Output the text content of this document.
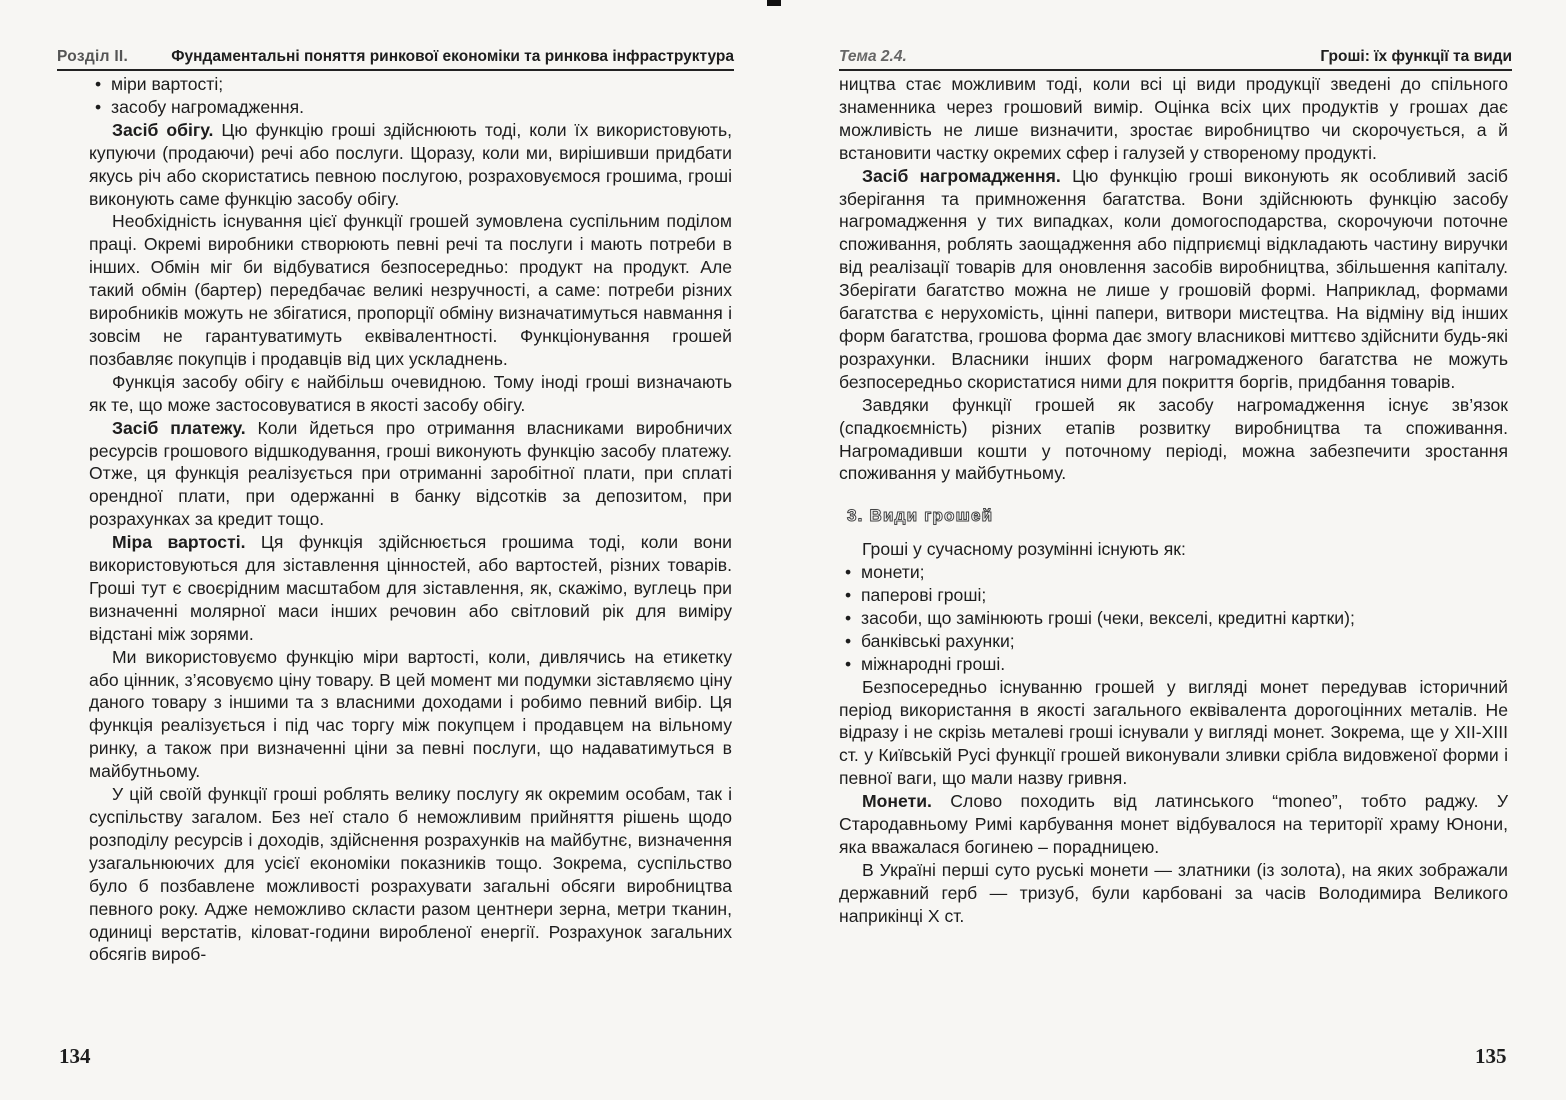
Розділ II.	Фундаментальні поняття ринкової економіки та ринкова інфраструктура
• міри вартості;
• засобу нагромадження.
Засіб обігу. Цю функцію гроші здійснюють тоді, коли їх використовують, купуючи (продаючи) речі або послуги. Щоразу, коли ми, вирішивши придбати якусь річ або скористатись певною послугою, розраховуємося грошима, гроші виконують саме функцію засобу обігу.
Необхідність існування цієї функції грошей зумовлена суспільним поділом праці. Окремі виробники створюють певні речі та послуги і мають потреби в інших. Обмін міг би відбуватися безпосередньо: продукт на продукт. Але такий обмін (бартер) передбачає великі незручності, а саме: потреби різних виробників можуть не збігатися, пропорції обміну визначатимуться навмання і зовсім не гарантуватимуть еквівалентності. Функціонування грошей позбавляє покупців і продавців від цих ускладнень.
Функція засобу обігу є найбільш очевидною. Тому іноді гроші визначають як те, що може застосовуватися в якості засобу обігу.
Засіб платежу. Коли йдеться про отримання власниками виробничих ресурсів грошового відшкодування, гроші виконують функцію засобу платежу. Отже, ця функція реалізується при отриманні заробітної плати, при сплаті орендної плати, при одержанні в банку відсотків за депозитом, при розрахунках за кредит тощо.
Міра вартості. Ця функція здійснюється грошима тоді, коли вони використовуються для зіставлення цінностей, або вартостей, різних товарів. Гроші тут є своєрідним масштабом для зіставлення, як, скажімо, вуглець при визначенні молярної маси інших речовин або світловий рік для виміру відстані між зорями.
Ми використовуємо функцію міри вартості, коли, дивлячись на етикетку або цінник, з’ясовуємо ціну товару. В цей момент ми подумки зіставляємо ціну даного товару з іншими та з власними доходами і робимо певний вибір. Ця функція реалізується і під час торгу між покупцем і продавцем на вільному ринку, а також при визначенні ціни за певні послуги, що надаватимуться в майбутньому.
У цій своїй функції гроші роблять велику послугу як окремим особам, так і суспільству загалом. Без неї стало б неможливим прийняття рішень щодо розподілу ресурсів і доходів, здійснення розрахунків на майбутнє, визначення узагальнюючих для усієї економіки показників тощо. Зокрема, суспільство було б позбавлене можливості розрахувати загальні обсяги виробництва певного року. Адже неможливо скласти разом центнери зерна, метри тканин, одиниці верстатів, кіловат-години виробленої енергії. Розрахунок загальних обсягів вироб-
134
Тема 2.4.	Гроші: їх функції та види
ництва стає можливим тоді, коли всі ці види продукції зведені до спільного знаменника через грошовий вимір. Оцінка всіх цих продуктів у грошах дає можливість не лише визначити, зростає виробництво чи скорочується, а й встановити частку окремих сфер і галузей у створеному продукті.
Засіб нагромадження. Цю функцію гроші виконують як особливий засіб зберігання та примноження багатства. Вони здійснюють функцію засобу нагромадження у тих випадках, коли домогосподарства, скорочуючи поточне споживання, роблять заощадження або підприємці відкладають частину виручки від реалізації товарів для оновлення засобів виробництва, збільшення капіталу. Зберігати багатство можна не лише у грошовій формі. Наприклад, формами багатства є нерухомість, цінні папери, витвори мистецтва. На відміну від інших форм багатства, грошова форма дає змогу власникові миттєво здійснити будь-які розрахунки. Власники інших форм нагромадженого багатства не можуть безпосередньо скористатися ними для покриття боргів, придбання товарів.
Завдяки функції грошей як засобу нагромадження існує зв’язок (спадкоємність) різних етапів розвитку виробництва та споживання. Нагромадивши кошти у поточному періоді, можна забезпечити зростання споживання у майбутньому.
3. Види грошей
Гроші у сучасному розумінні існують як:
• монети;
• паперові гроші;
• засоби, що замінюють гроші (чеки, векселі, кредитні картки);
• банківські рахунки;
• міжнародні гроші.
Безпосередньо існуванню грошей у вигляді монет передував історичний період використання в якості загального еквівалента дорогоцінних металів. Не відразу і не скрізь металеві гроші існували у вигляді монет. Зокрема, ще у XII-XIII ст. у Київській Русі функції грошей виконували зливки срібла видовженої форми і певної ваги, що мали назву гривня.
Монети. Слово походить від латинського “moneo”, тобто раджу. У Стародавньому Римі карбування монет відбувалося на території храму Юнони, яка вважалася богинею – порадницею.
В Україні перші суто руські монети — златники (із золота), на яких зображали державний герб — тризуб, були карбовані за часів Володимира Великого наприкінці X ст.
135
